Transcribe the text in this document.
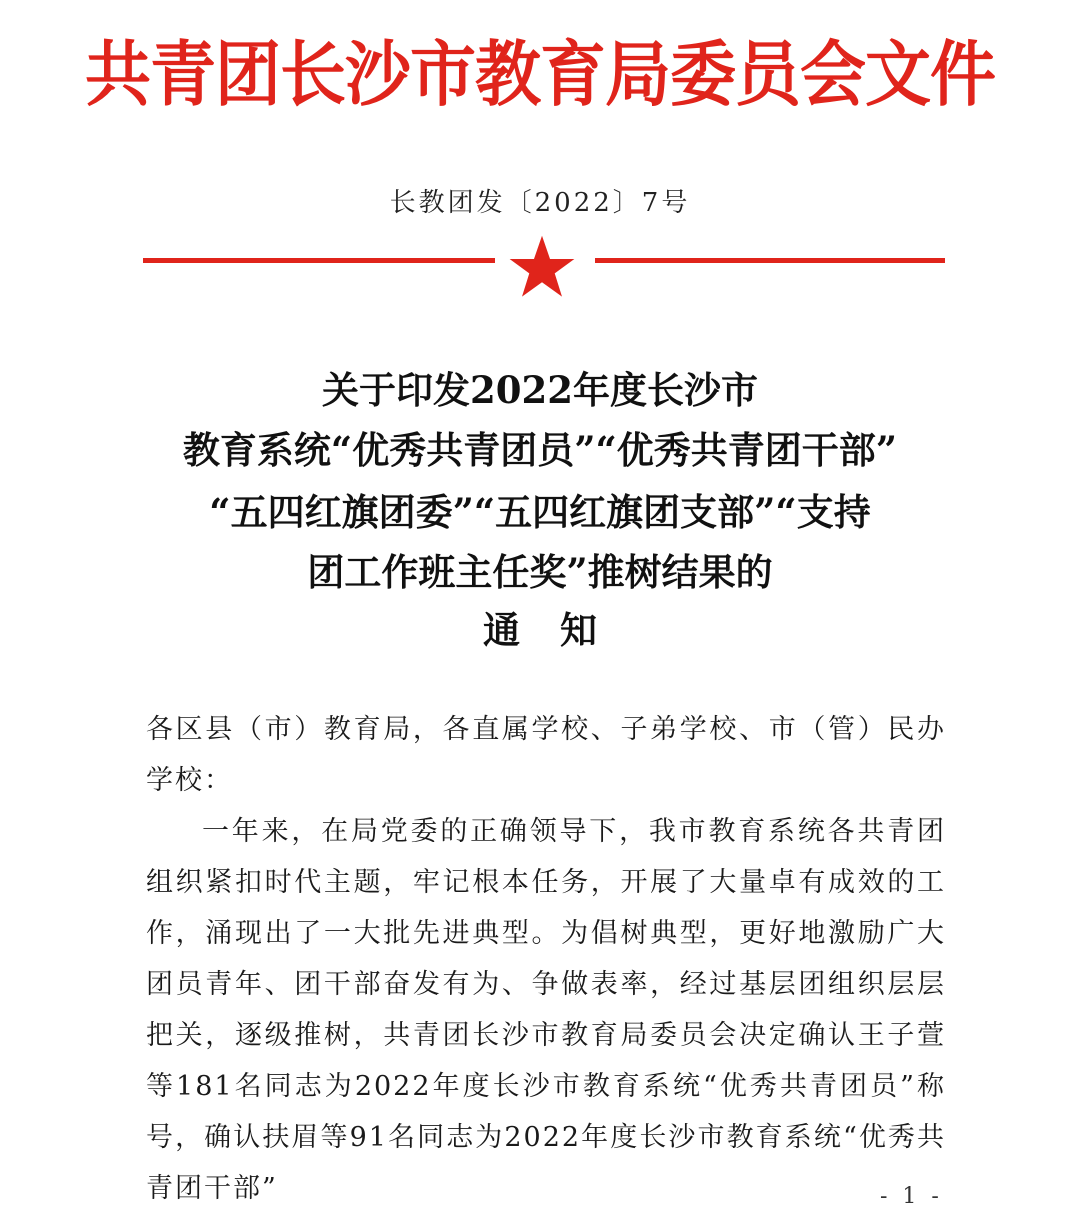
共青团长沙市教育局委员会文件
长教团发〔2022〕7号
关于印发2022年度长沙市
教育系统“优秀共青团员”“优秀共青团干部”
“五四红旗团委”“五四红旗团支部”“支持
团工作班主任奖”推树结果的
通知
各区县（市）教育局，各直属学校、子弟学校、市（管）民办学校：
一年来，在局党委的正确领导下，我市教育系统各共青团组织紧扣时代主题，牢记根本任务，开展了大量卓有成效的工作，涌现出了一大批先进典型。为倡树典型，更好地激励广大团员青年、团干部奋发有为、争做表率，经过基层团组织层层把关，逐级推树，共青团长沙市教育局委员会决定确认王子萱等181名同志为2022年度长沙市教育系统“优秀共青团员”称号，确认扶眉等91名同志为2022年度长沙市教育系统“优秀共青团干部”	- 1 -
